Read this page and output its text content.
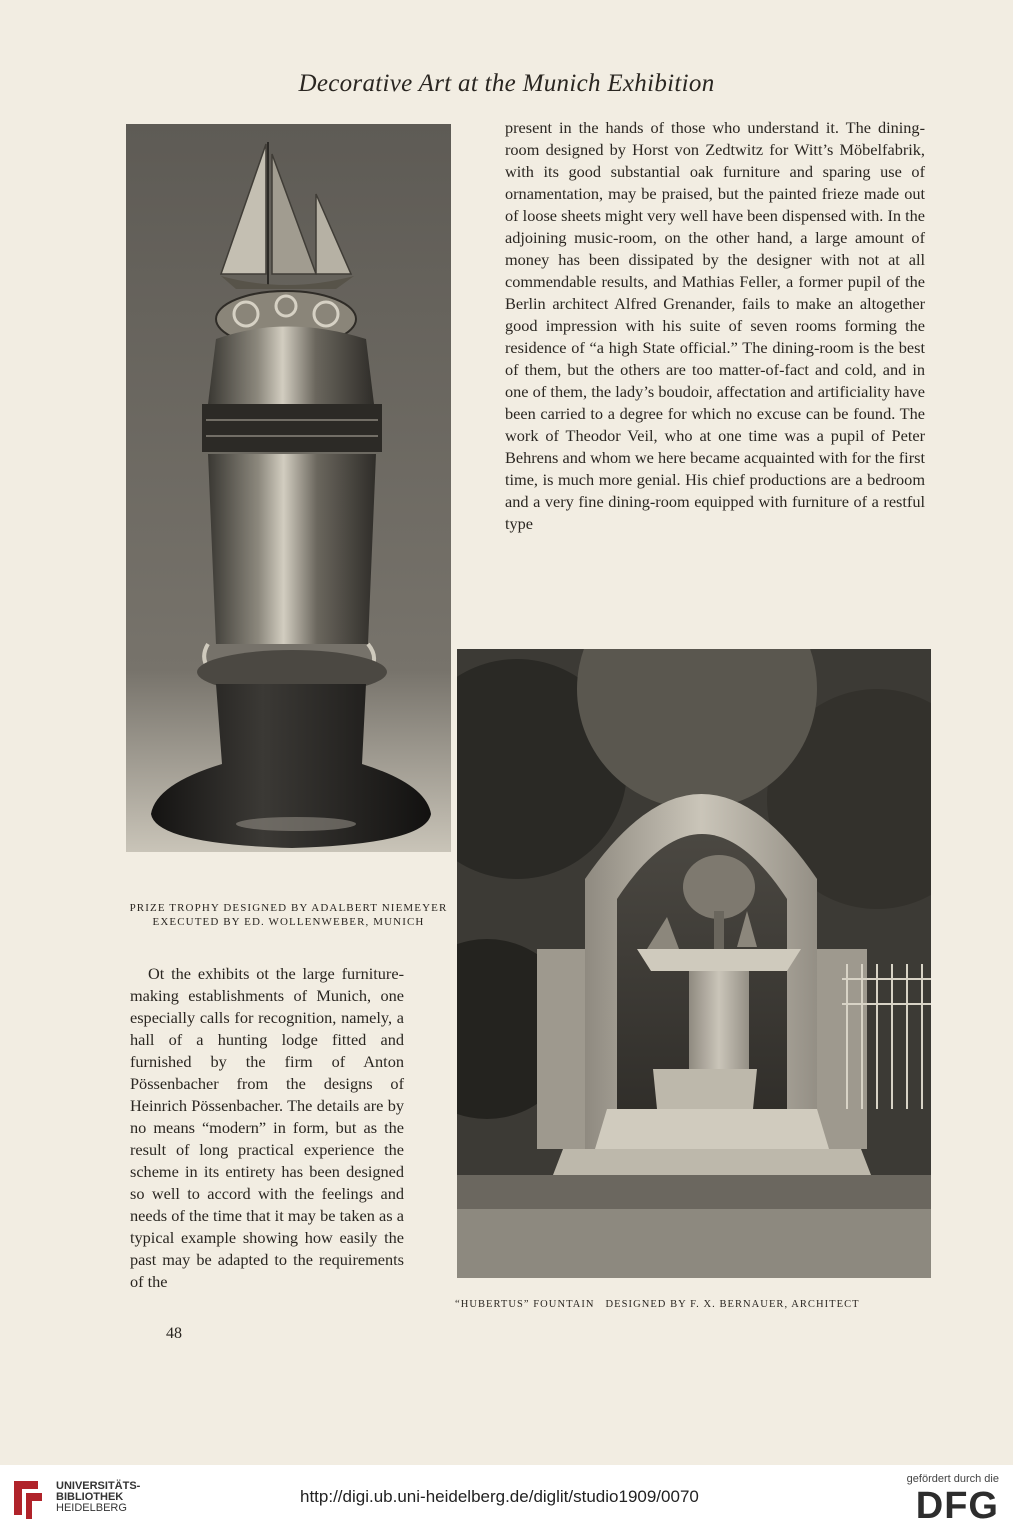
Decorative Art at the Munich Exhibition
PRIZE TROPHY DESIGNED BY ADALBERT NIEMEYER
EXECUTED BY ED. WOLLENWEBER, MUNICH

present in the hands of those who understand it. The dining-room designed by Horst von Zedtwitz for Witt’s Möbelfabrik, with its good substantial oak furniture and sparing use of ornamentation, may be praised, but the painted frieze made out of loose sheets might very well have been dispensed with. In the adjoining music-room, on the other hand, a large amount of money has been dissipated by the designer with not at all commendable results, and Mathias Feller, a former pupil of the Berlin architect Alfred Grenander, fails to make an altogether good impression with his suite of seven rooms forming the residence of “a high State official.” The dining-room is the best of them, but the others are too matter-of-fact and cold, and in one of them, the lady’s boudoir, affectation and artificiality have been carried to a degree for which no excuse can be found. The work of Theodor Veil, who at one time was a pupil of Peter Behrens and whom we here became acquainted with for the first time, is much more genial. His chief productions are a bedroom and a very fine dining-room equipped with furniture of a restful type

“HUBERTUS” FOUNTAIN DESIGNED BY F. X. BERNAUER, ARCHITECT

Ot the exhibits ot the large furniture-making establishments of Munich, one especially calls for recognition, namely, a hall of a hunting lodge fitted and furnished by the firm of Anton Pössenbacher from the designs of Heinrich Pössenbacher. The details are by no means “modern” in form, but as the result of long practical experience the scheme in its entirety has been designed so well to accord with the feelings and needs of the time that it may be taken as a typical example showing how easily the past may be adapted to the requirements of the

48
UNIVERSITÄTS-
BIBLIOTHEK
HEIDELBERG
http://digi.ub.uni-heidelberg.de/diglit/studio1909/0070
gefördert durch die
DFG
